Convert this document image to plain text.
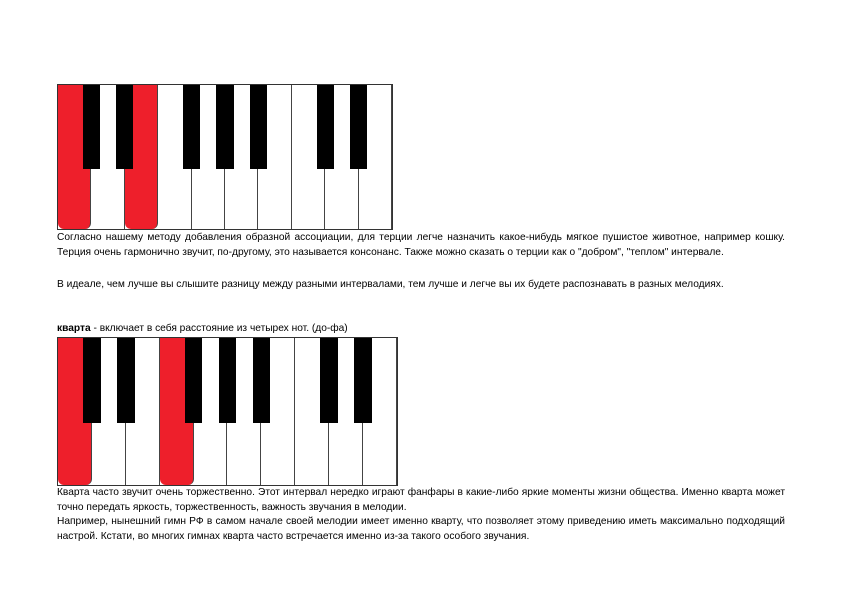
Согласно нашему методу добавления образной ассоциации, для терции легче назначить какое-нибудь мягкое пушистое животное, например кошку. Терция очень гармонично звучит, по-другому, это называется консонанс. Также можно сказать о терции как о "добром", "теплом" интервале.

В идеале, чем лучше вы слышите разницу между разными интервалами, тем лучше и легче вы их будете распознавать в разных мелодиях.

кварта - включает в себя расстояние из четырех нот. (до-фа)

Кварта часто звучит очень торжественно. Этот интервал нередко играют фанфары в какие-либо яркие моменты жизни общества. Именно кварта может точно передать яркость, торжественность, важность звучания в мелодии.

Например, нынешний гимн РФ в самом начале своей мелодии имеет именно кварту, что позволяет этому приведению иметь максимально подходящий настрой. Кстати, во многих гимнах кварта часто встречается именно из-за такого особого звучания.
